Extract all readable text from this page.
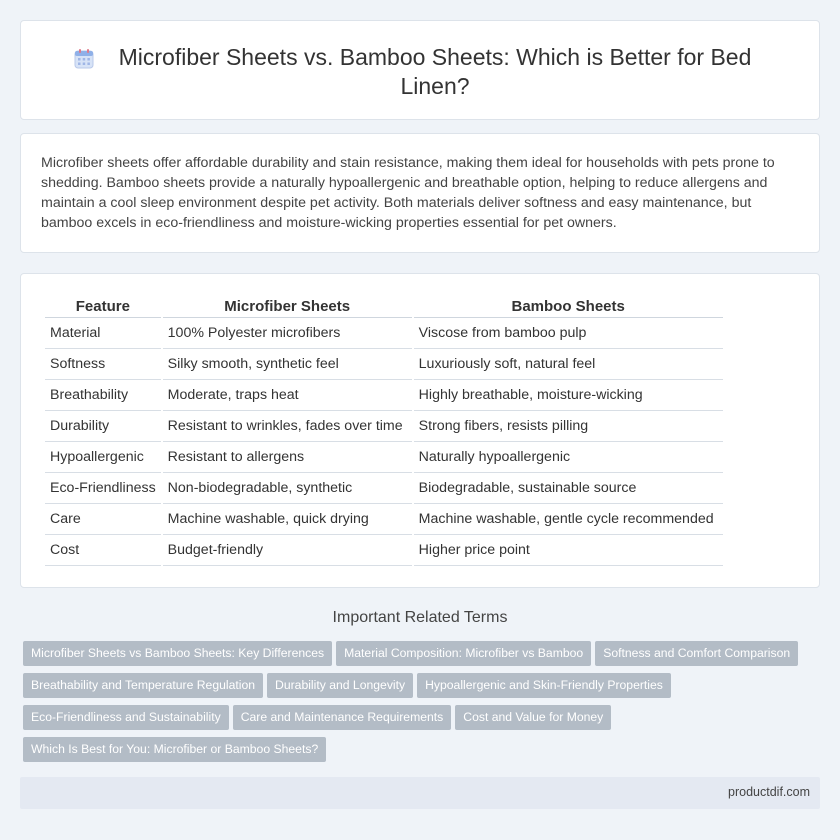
Microfiber Sheets vs. Bamboo Sheets: Which is Better for Bed Linen?

Microfiber sheets offer affordable durability and stain resistance, making them ideal for households with pets prone to shedding. Bamboo sheets provide a naturally hypoallergenic and breathable option, helping to reduce allergens and maintain a cool sleep environment despite pet activity. Both materials deliver softness and easy maintenance, but bamboo excels in eco-friendliness and moisture-wicking properties essential for pet owners.

Feature	Microfiber Sheets	Bamboo Sheets
Material	100% Polyester microfibers	Viscose from bamboo pulp
Softness	Silky smooth, synthetic feel	Luxuriously soft, natural feel
Breathability	Moderate, traps heat	Highly breathable, moisture-wicking
Durability	Resistant to wrinkles, fades over time	Strong fibers, resists pilling
Hypoallergenic	Resistant to allergens	Naturally hypoallergenic
Eco-Friendliness	Non-biodegradable, synthetic	Biodegradable, sustainable source
Care	Machine washable, quick drying	Machine washable, gentle cycle recommended
Cost	Budget-friendly	Higher price point
Important Related Terms
Microfiber Sheets vs Bamboo Sheets: Key Differences Material Composition: Microfiber vs Bamboo Softness and Comfort Comparison
Breathability and Temperature Regulation Durability and Longevity Hypoallergenic and Skin-Friendly Properties
Eco-Friendliness and Sustainability Care and Maintenance Requirements Cost and Value for Money
Which Is Best for You: Microfiber or Bamboo Sheets?
productdif.com
